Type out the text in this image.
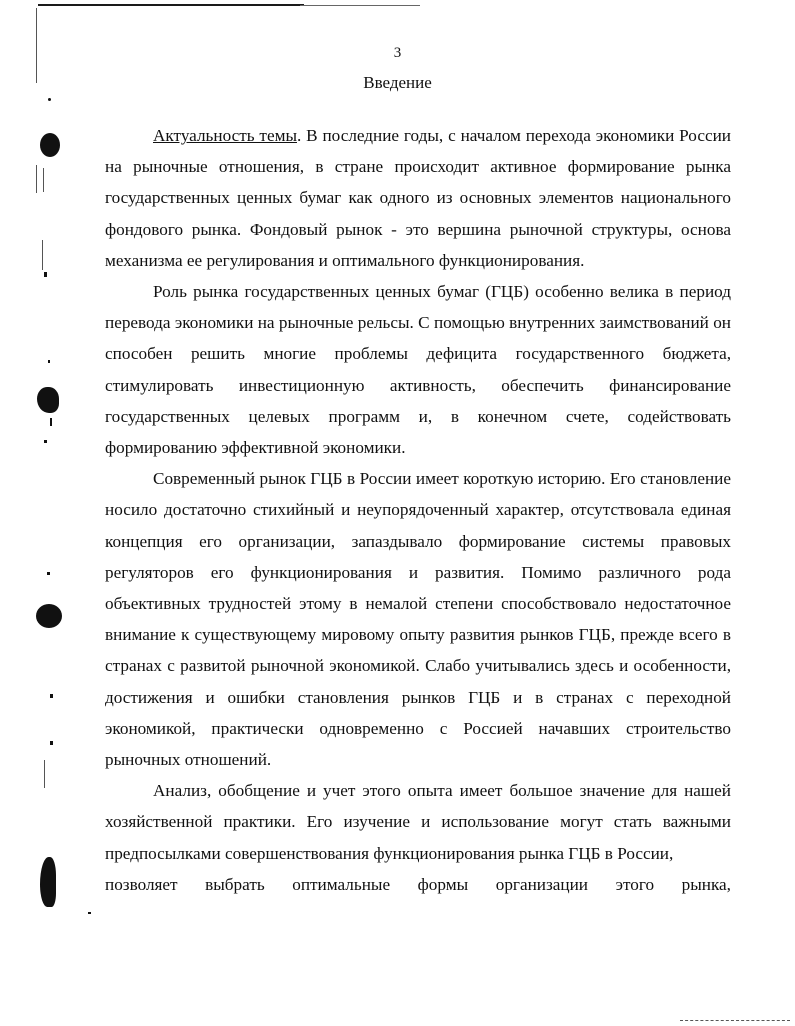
3
Введение

Актуальность темы. В последние годы, с началом перехода экономики России на рыночные отношения, в стране происходит активное формирование рынка государственных ценных бумаг как одного из основных элементов национального фондового рынка. Фондовый рынок - это вершина рыночной структуры, основа механизма ее регулирования и оптимального функционирования.

Роль рынка государственных ценных бумаг (ГЦБ) особенно велика в период перевода экономики на рыночные рельсы. С помощью внутренних заимствований он способен решить многие проблемы дефицита государственного бюджета, стимулировать инвестиционную активность, обеспечить финансирование государственных целевых программ и, в конечном счете, содействовать формированию эффективной экономики.

Современный рынок ГЦБ в России имеет короткую историю. Его становление носило достаточно стихийный и неупорядоченный характер, отсутствовала единая концепция его организации, запаздывало формирование системы правовых регуляторов его функционирования и развития. Помимо различного рода объективных трудностей этому в немалой степени способствовало недостаточное внимание к существующему мировому опыту развития рынков ГЦБ, прежде всего в странах с развитой рыночной экономикой. Слабо учитывались здесь и особенности, достижения и ошибки становления рынков ГЦБ и в странах с переходной экономикой, практически одновременно с Россией начавших строительство рыночных отношений.

Анализ, обобщение и учет этого опыта имеет большое значение для нашей хозяйственной практики. Его изучение и использование могут стать важными предпосылками совершенствования функционирования рынка ГЦБ в России,

позволяет выбрать оптимальные формы организации этого рынка,
